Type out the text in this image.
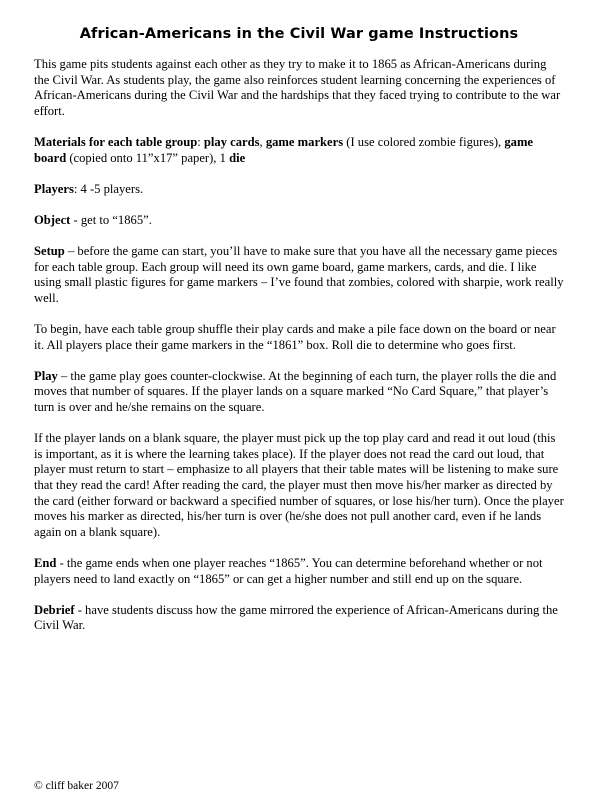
African-Americans in the Civil War game Instructions

This game pits students against each other as they try to make it to 1865 as African-Americans during the Civil War. As students play, the game also reinforces student learning concerning the experiences of African-Americans during the Civil War and the hardships that they faced trying to contribute to the war effort.

Materials for each table group: play cards, game markers (I use colored zombie figures), game board (copied onto 11”x17” paper), 1 die

Players: 4 -5 players.

Object - get to “1865”.

Setup – before the game can start, you’ll have to make sure that you have all the necessary game pieces for each table group. Each group will need its own game board, game markers, cards, and die. I like using small plastic figures for game markers – I’ve found that zombies, colored with sharpie, work really well.

To begin, have each table group shuffle their play cards and make a pile face down on the board or near it. All players place their game markers in the “1861” box. Roll die to determine who goes first.

Play – the game play goes counter-clockwise. At the beginning of each turn, the player rolls the die and moves that number of squares. If the player lands on a square marked “No Card Square,” that player’s turn is over and he/she remains on the square.

If the player lands on a blank square, the player must pick up the top play card and read it out loud (this is important, as it is where the learning takes place). If the player does not read the card out loud, that player must return to start – emphasize to all players that their table mates will be listening to make sure that they read the card! After reading the card, the player must then move his/her marker as directed by the card (either forward or backward a specified number of squares, or lose his/her turn). Once the player moves his marker as directed, his/her turn is over (he/she does not pull another card, even if he lands again on a blank square).

End - the game ends when one player reaches “1865”. You can determine beforehand whether or not players need to land exactly on “1865” or can get a higher number and still end up on the square.

Debrief - have students discuss how the game mirrored the experience of African-Americans during the Civil War.

© cliff baker 2007
